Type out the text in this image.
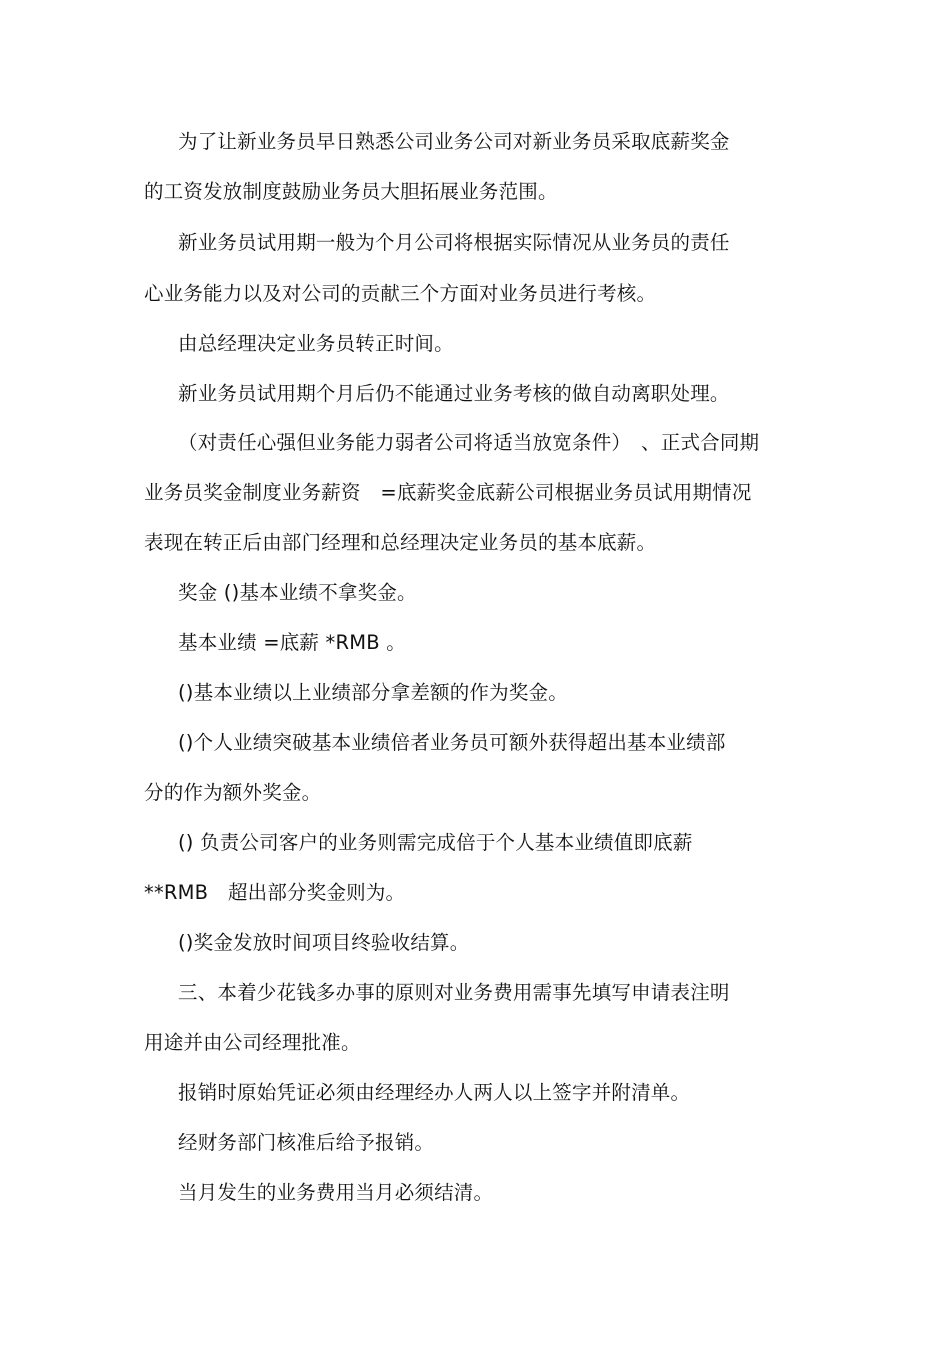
为了让新业务员早日熟悉公司业务公司对新业务员采取底薪奖金
的工资发放制度鼓励业务员大胆拓展业务范围。
新业务员试用期一般为个月公司将根据实际情况从业务员的责任
心业务能力以及对公司的贡献三个方面对业务员进行考核。
由总经理决定业务员转正时间。
新业务员试用期个月后仍不能通过业务考核的做自动离职处理。
（对责任心强但业务能力弱者公司将适当放宽条件）　、正式合同期
业务员奖金制度业务薪资　=底薪奖金底薪公司根据业务员试用期情况
表现在转正后由部门经理和总经理决定业务员的基本底薪。
奖金 ()基本业绩不拿奖金。
基本业绩 =底薪 *RMB 。
()基本业绩以上业绩部分拿差额的作为奖金。
()个人业绩突破基本业绩倍者业务员可额外获得超出基本业绩部
分的作为额外奖金。
() 负责公司客户的业务则需完成倍于个人基本业绩值即底薪
**RMB　超出部分奖金则为。
()奖金发放时间项目终验收结算。
三、本着少花钱多办事的原则对业务费用需事先填写申请表注明
用途并由公司经理批准。
报销时原始凭证必须由经理经办人两人以上签字并附清单。
经财务部门核准后给予报销。
当月发生的业务费用当月必须结清。
